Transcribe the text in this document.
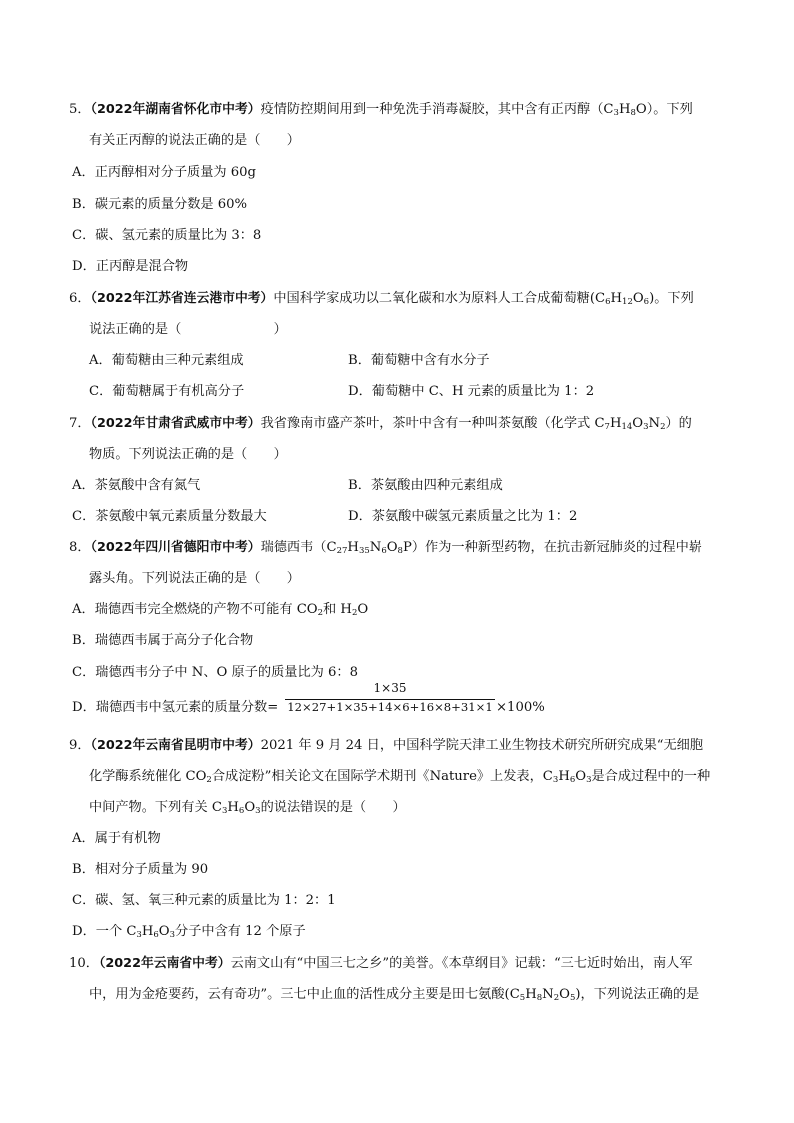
5．（2022年湖南省怀化市中考）疫情防控期间用到一种免洗手消毒凝胶，其中含有正丙醇$(C_3H_8O)$。下列
有关正丙醇的说法正确的是（　　）
A．正丙醇相对分子质量为 60g
B．碳元素的质量分数是 60%
C．碳、氢元素的质量比为 3：8
D．正丙醇是混合物
6．（2022年江苏省连云港市中考）中国科学家成功以二氧化碳和水为原料人工合成葡萄糖$(C_6H_{12}O_6)$。下列
说法正确的是（　　　　　　　）
A．葡萄糖由三种元素组成	B．葡萄糖中含有水分子
C．葡萄糖属于有机高分子	D．葡萄糖中 C、H 元素的质量比为 1：2
7．（2022年甘肃省武威市中考）我省豫南市盛产茶叶，茶叶中含有一种叫茶氨酸（化学式 $C_7H_{14}O_3N_2$）的
物质。下列说法正确的是（　　）
A．茶氨酸中含有氮气	B．茶氨酸由四种元素组成
C．茶氨酸中氧元素质量分数最大	D．茶氨酸中碳氢元素质量之比为 1：2
8．（2022年四川省德阳市中考）瑞德西韦$(C_{27}H_{35}N_6O_8P)$作为一种新型药物，在抗击新冠肺炎的过程中崭
露头角。下列说法正确的是（　　）
A．瑞德西韦完全燃烧的产物不可能有 $CO_2$和 $H_2O$
B．瑞德西韦属于高分子化合物
C．瑞德西韦分子中 N、O 原子的质量比为 6：8
D．瑞德西韦中氢元素的质量分数=
1×35
12×27+1×35+14×6+16×8+31×1 ×100%
9．（2022年云南省昆明市中考）2021 年 9 月 24 日，中国科学院天津工业生物技术研究所研究成果“无细胞
化学酶系统催化 $CO_2$合成淀粉”相关论文在国际学术期刊《Nature》上发表，$C_3H_6O_3$是合成过程中的一种
中间产物。下列有关 $C_3H_6O_3$的说法错误的是（　　）
A．属于有机物
B．相对分子质量为 90
C．碳、氢、氧三种元素的质量比为 1：2：1
D．一个 $C_3H_6O_3$分子中含有 12 个原子
10．（2022年云南省中考）云南文山有“中国三七之乡”的美誉。《本草纲目》记载：“三七近时始出，南人军
中，用为金疮要药，云有奇功”。三七中止血的活性成分主要是田七氨酸$(C_5H_8N_2O_5)$，下列说法正确的是
